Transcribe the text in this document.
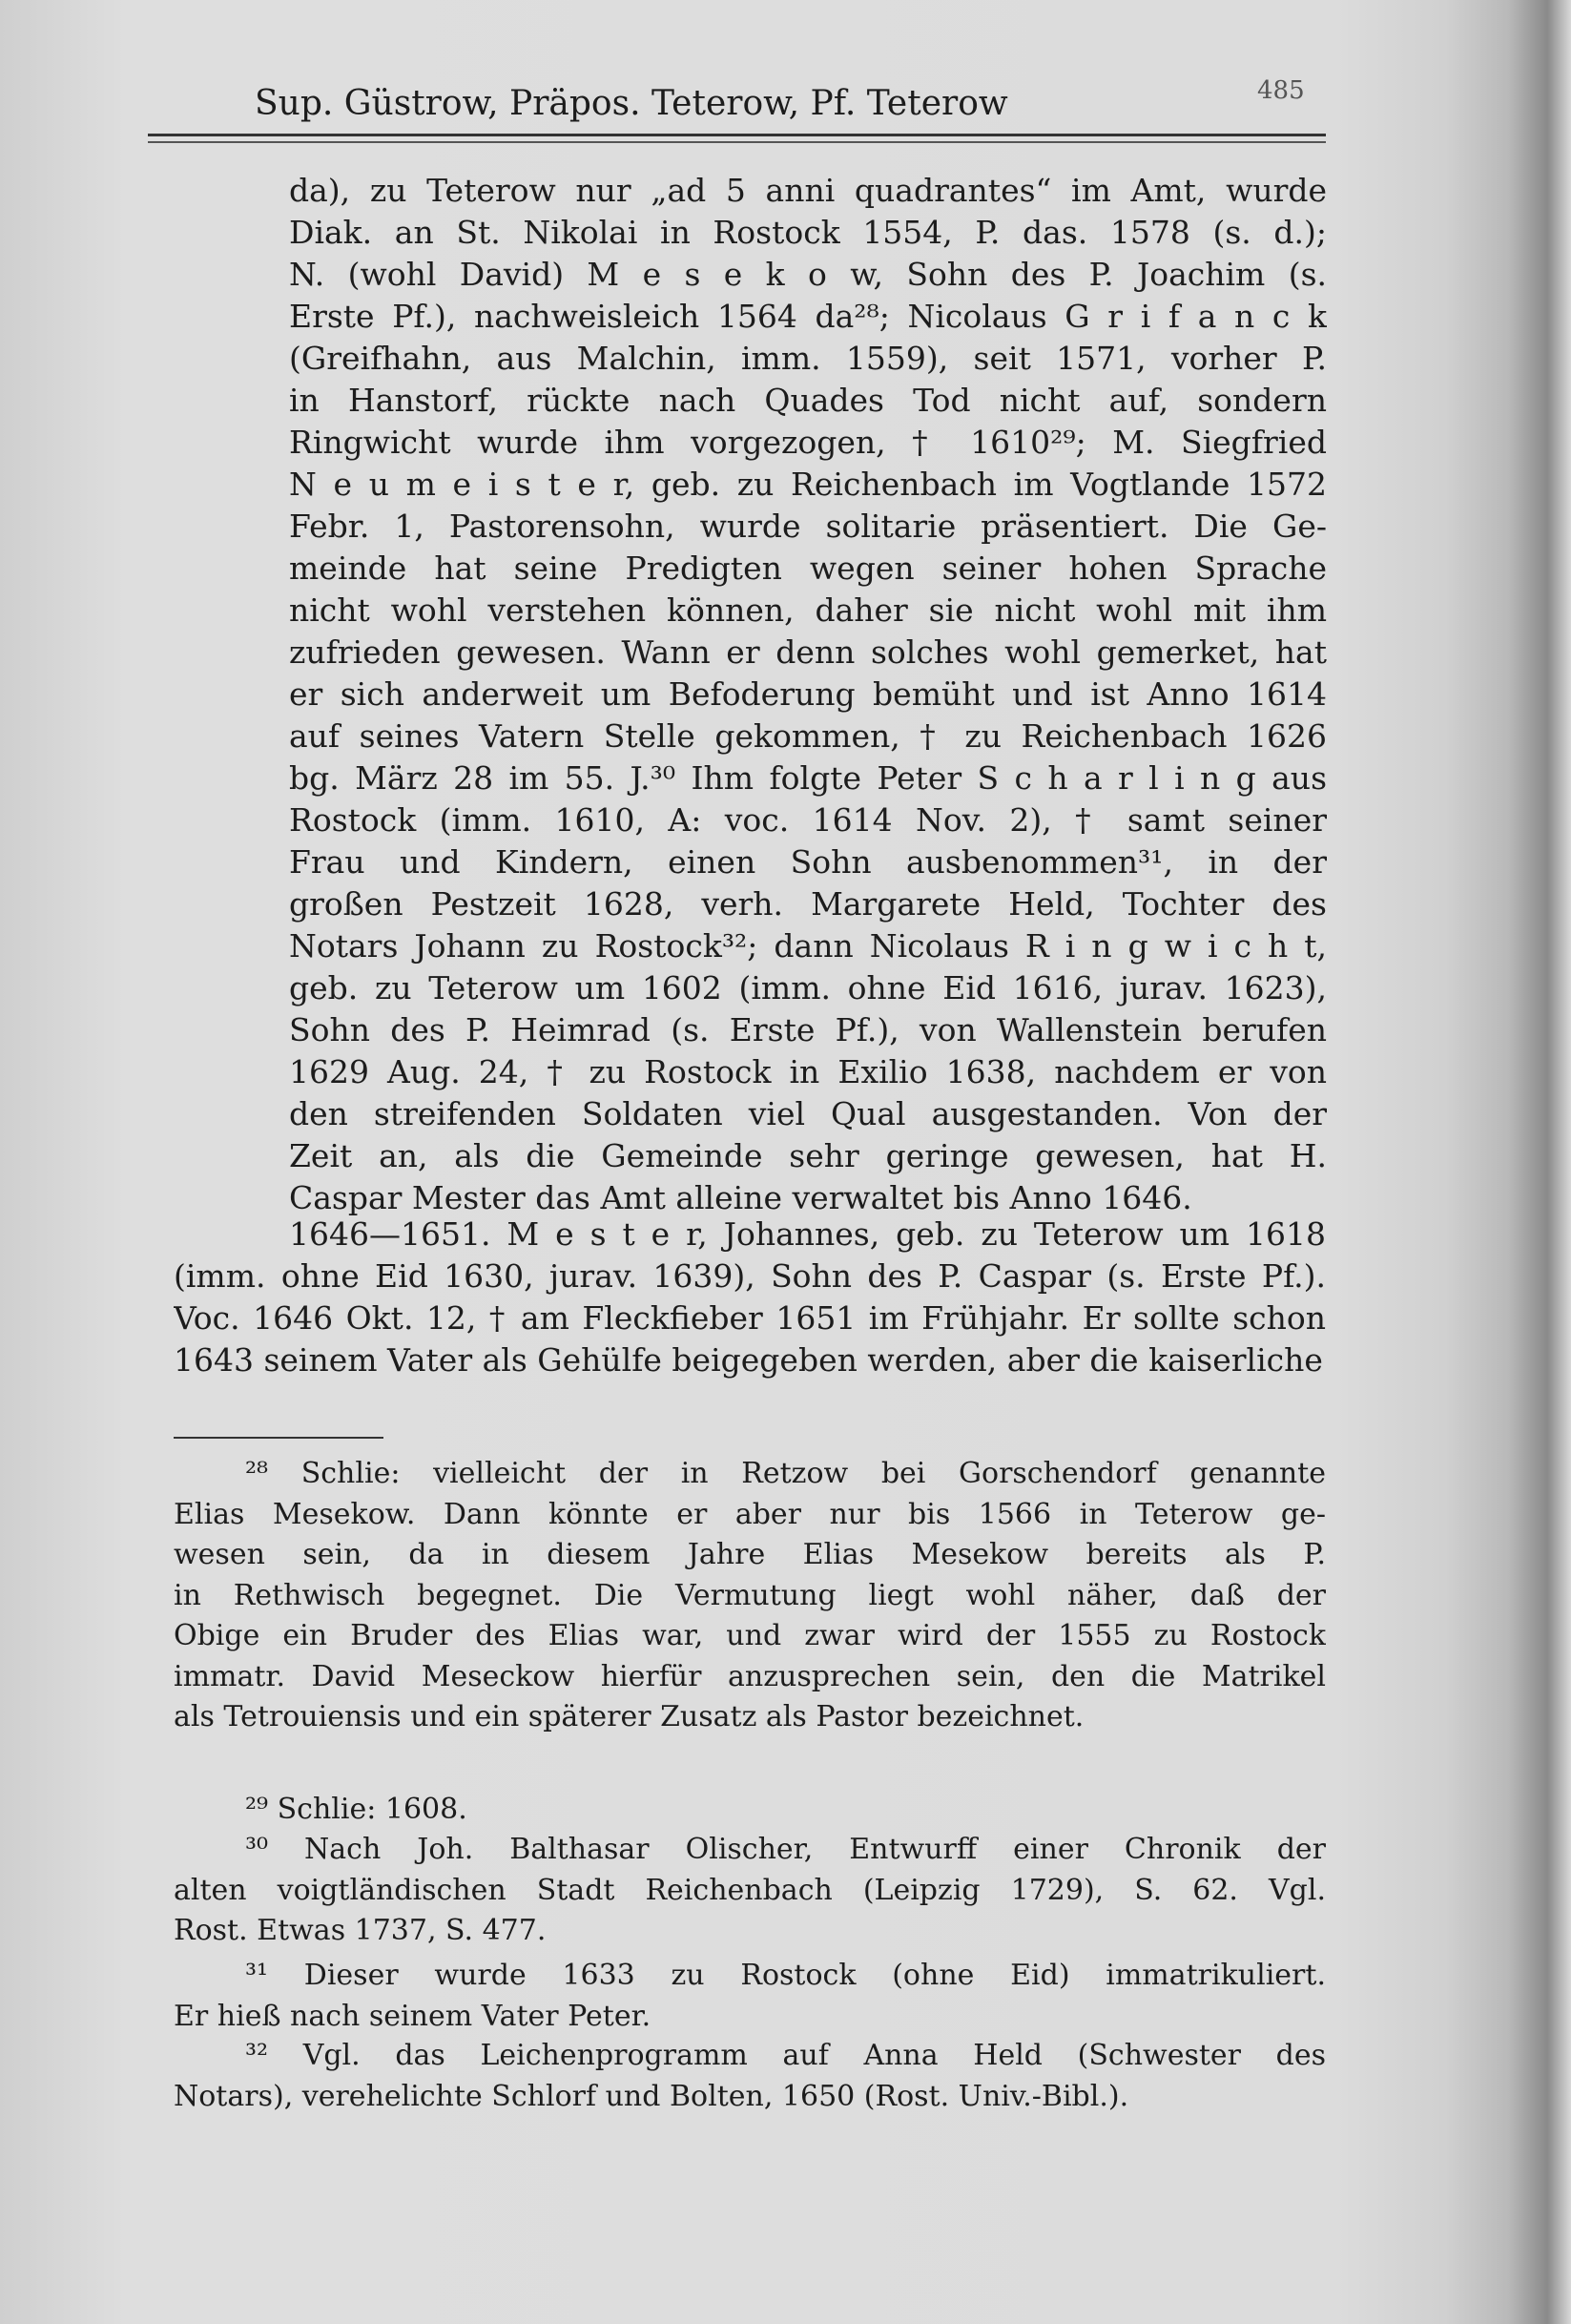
Sup. Güstrow, Präpos. Teterow, Pf. Teterow	485
da), zu Teterow nur „ad 5 anni quadrantes“ im Amt, wurde
Diak. an St. Nikolai in Rostock 1554, P. das. 1578 (s. d.);
N. (wohl David) M e s e k o w, Sohn des P. Joachim (s.
Erste Pf.), nachweisleich 1564 da²⁸; Nicolaus G r i f a n c k
(Greifhahn, aus Malchin, imm. 1559), seit 1571, vorher P.
in Hanstorf, rückte nach Quades Tod nicht auf, sondern
Ringwicht wurde ihm vorgezogen, † 1610²⁹; M. Siegfried
N e u m e i s t e r, geb. zu Reichenbach im Vogtlande 1572
Febr. 1, Pastorensohn, wurde solitarie präsentiert. Die Ge-
meinde hat seine Predigten wegen seiner hohen Sprache
nicht wohl verstehen können, daher sie nicht wohl mit ihm
zufrieden gewesen. Wann er denn solches wohl gemerket, hat
er sich anderweit um Befoderung bemüht und ist Anno 1614
auf seines Vatern Stelle gekommen, † zu Reichenbach 1626
bg. März 28 im 55. J.³⁰ Ihm folgte Peter S c h a r l i n g aus
Rostock (imm. 1610, A: voc. 1614 Nov. 2), † samt seiner
Frau und Kindern, einen Sohn ausbenommen³¹, in der
großen Pestzeit 1628, verh. Margarete Held, Tochter des
Notars Johann zu Rostock³²; dann Nicolaus R i n g w i c h t,
geb. zu Teterow um 1602 (imm. ohne Eid 1616, jurav. 1623),
Sohn des P. Heimrad (s. Erste Pf.), von Wallenstein berufen
1629 Aug. 24, † zu Rostock in Exilio 1638, nachdem er von
den streifenden Soldaten viel Qual ausgestanden. Von der
Zeit an, als die Gemeinde sehr geringe gewesen, hat H.
Caspar Mester das Amt alleine verwaltet bis Anno 1646.
1646—1651. M e s t e r, Johannes, geb. zu Teterow um 1618
(imm. ohne Eid 1630, jurav. 1639), Sohn des P. Caspar (s. Erste Pf.).
Voc. 1646 Okt. 12, † am Fleckfieber 1651 im Frühjahr. Er sollte schon
1643 seinem Vater als Gehülfe beigegeben werden, aber die kaiserliche
²⁸ Schlie: vielleicht der in Retzow bei Gorschendorf genannte
Elias Mesekow. Dann könnte er aber nur bis 1566 in Teterow ge-
wesen sein, da in diesem Jahre Elias Mesekow bereits als P.
in Rethwisch begegnet. Die Vermutung liegt wohl näher, daß der
Obige ein Bruder des Elias war, und zwar wird der 1555 zu Rostock
immatr. David Meseckow hierfür anzusprechen sein, den die Matrikel
als Tetrouiensis und ein späterer Zusatz als Pastor bezeichnet.
²⁹ Schlie: 1608.
³⁰ Nach Joh. Balthasar Olischer, Entwurff einer Chronik der
alten voigtländischen Stadt Reichenbach (Leipzig 1729), S. 62. Vgl.
Rost. Etwas 1737, S. 477.
³¹ Dieser wurde 1633 zu Rostock (ohne Eid) immatrikuliert.
Er hieß nach seinem Vater Peter.
³² Vgl. das Leichenprogramm auf Anna Held (Schwester des
Notars), verehelichte Schlorf und Bolten, 1650 (Rost. Univ.-Bibl.).
